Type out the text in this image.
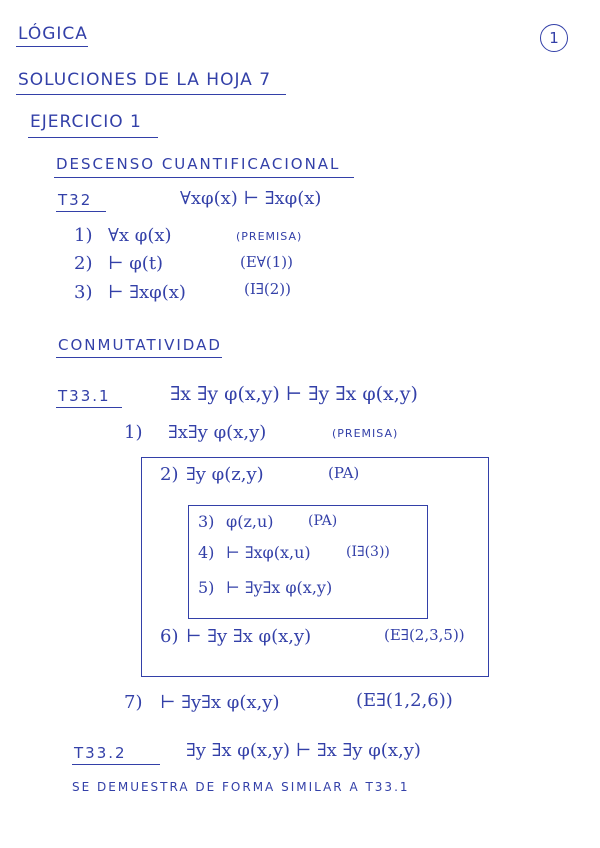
LÓGICA	1
SOLUCIONES DE LA HOJA 7
EJERCICIO 1
DESCENSO CUANTIFICACIONAL
T32	∀xφ(x) ⊢ ∃xφ(x)
1) ∀x φ(x)	(PREMISA)
2) ⊢ φ(t)	(E∀(1))
3) ⊢ ∃xφ(x)	(I∃(2))
CONMUTATIVIDAD
T33.1	∃x ∃y φ(x,y) ⊢ ∃y ∃x φ(x,y)
1) ∃x∃y φ(x,y)	(PREMISA)
2) ∃y φ(z,y)	(PA)
3) φ(z,u) (PA)
4) ⊢ ∃xφ(x,u)	(I∃(3))
5) ⊢ ∃y∃x φ(x,y)
6) ⊢ ∃y ∃x φ(x,y)	(E∃(2,3,5))
7) ⊢ ∃y∃x φ(x,y)	(E∃(1,2,6))
T33.2	∃y ∃x φ(x,y) ⊢ ∃x ∃y φ(x,y)
SE DEMUESTRA DE FORMA SIMILAR A T33.1
